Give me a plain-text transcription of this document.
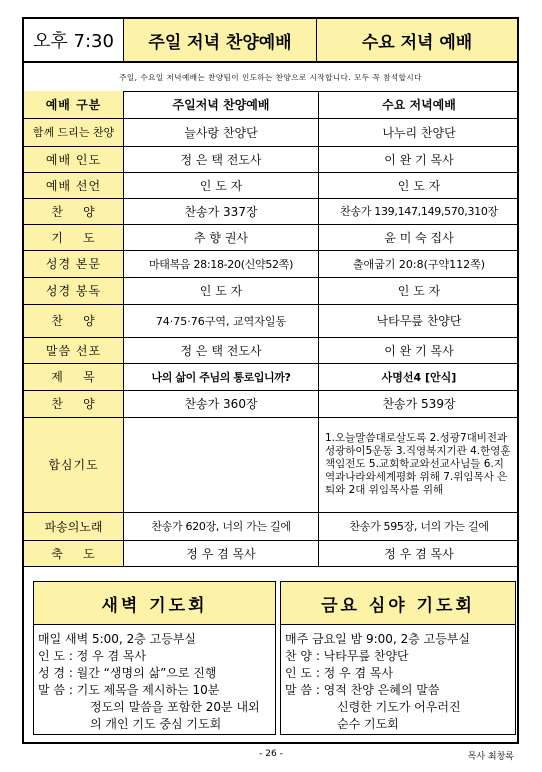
오후 7:30	주일 저녁 찬양예배	수요 저녁 예배
주일, 수요일 저녁예배는 찬양팀이 인도하는 찬양으로 시작합니다. 모두 꼭 참석합시다
예배 구분	주일저녁 찬양예배	수요 저녁예배
함께 드리는 찬양	늘사랑 찬양단	나누리 찬양단
예배 인도	정 은 택 전도사	이 완 기 목사
예배 선언	인 도 자	인 도 자
찬    양	찬송가 337장	찬송가 139,147,149,570,310장
기    도	추 향 권사	윤 미 숙 집사
성경 본문	마태복음 28:18-20(신약52쪽)	출애굽기 20:8(구약112쪽)
성경 봉독	인 도 자	인 도 자
찬    양	74·75·76구역, 교역자일동	낙타무릎 찬양단
말씀 선포	정 은 택 전도사	이 완 기 목사
제    목	나의 삶이 주님의 통로입니까?	사명선4 [안식]
찬    양	찬송가 360장	찬송가 539장
합심기도		1.오늘말씀대로살도록 2.성광7대비전과 성광하이5운동 3.직영북지기관 4.한영훈책임전도 5.교회학교와선교사님들 6.지역과나라와세계평화 위해 7.위임목사 은퇴와 2대 위임목사를 위해
파송의노래	찬송가 620장, 너의 가는 길에	찬송가 595장, 너의 가는 길에
축    도	정 우 겸 목사	정 우 겸 목사
새벽 기도회	금요 심야 기도회
매일 새벽 5:00, 2층 고등부실
인 도 : 정 우 겸 목사
성 경 : 월간 “생명의 삶”으로 진행
말 씀 : 기도 제목을 제시하는 10분
정도의 말씀을 포함한 20분 내외
의 개인 기도 중심 기도회
매주 금요일 밤 9:00, 2층 고등부실
찬 양 : 낙타무릎 찬양단
인 도 : 정 우 겸 목사
말 씀 : 영적 찬양 은혜의 말씀
신령한 기도가 어우러진
순수 기도회
- 26 -	목사 최창록
